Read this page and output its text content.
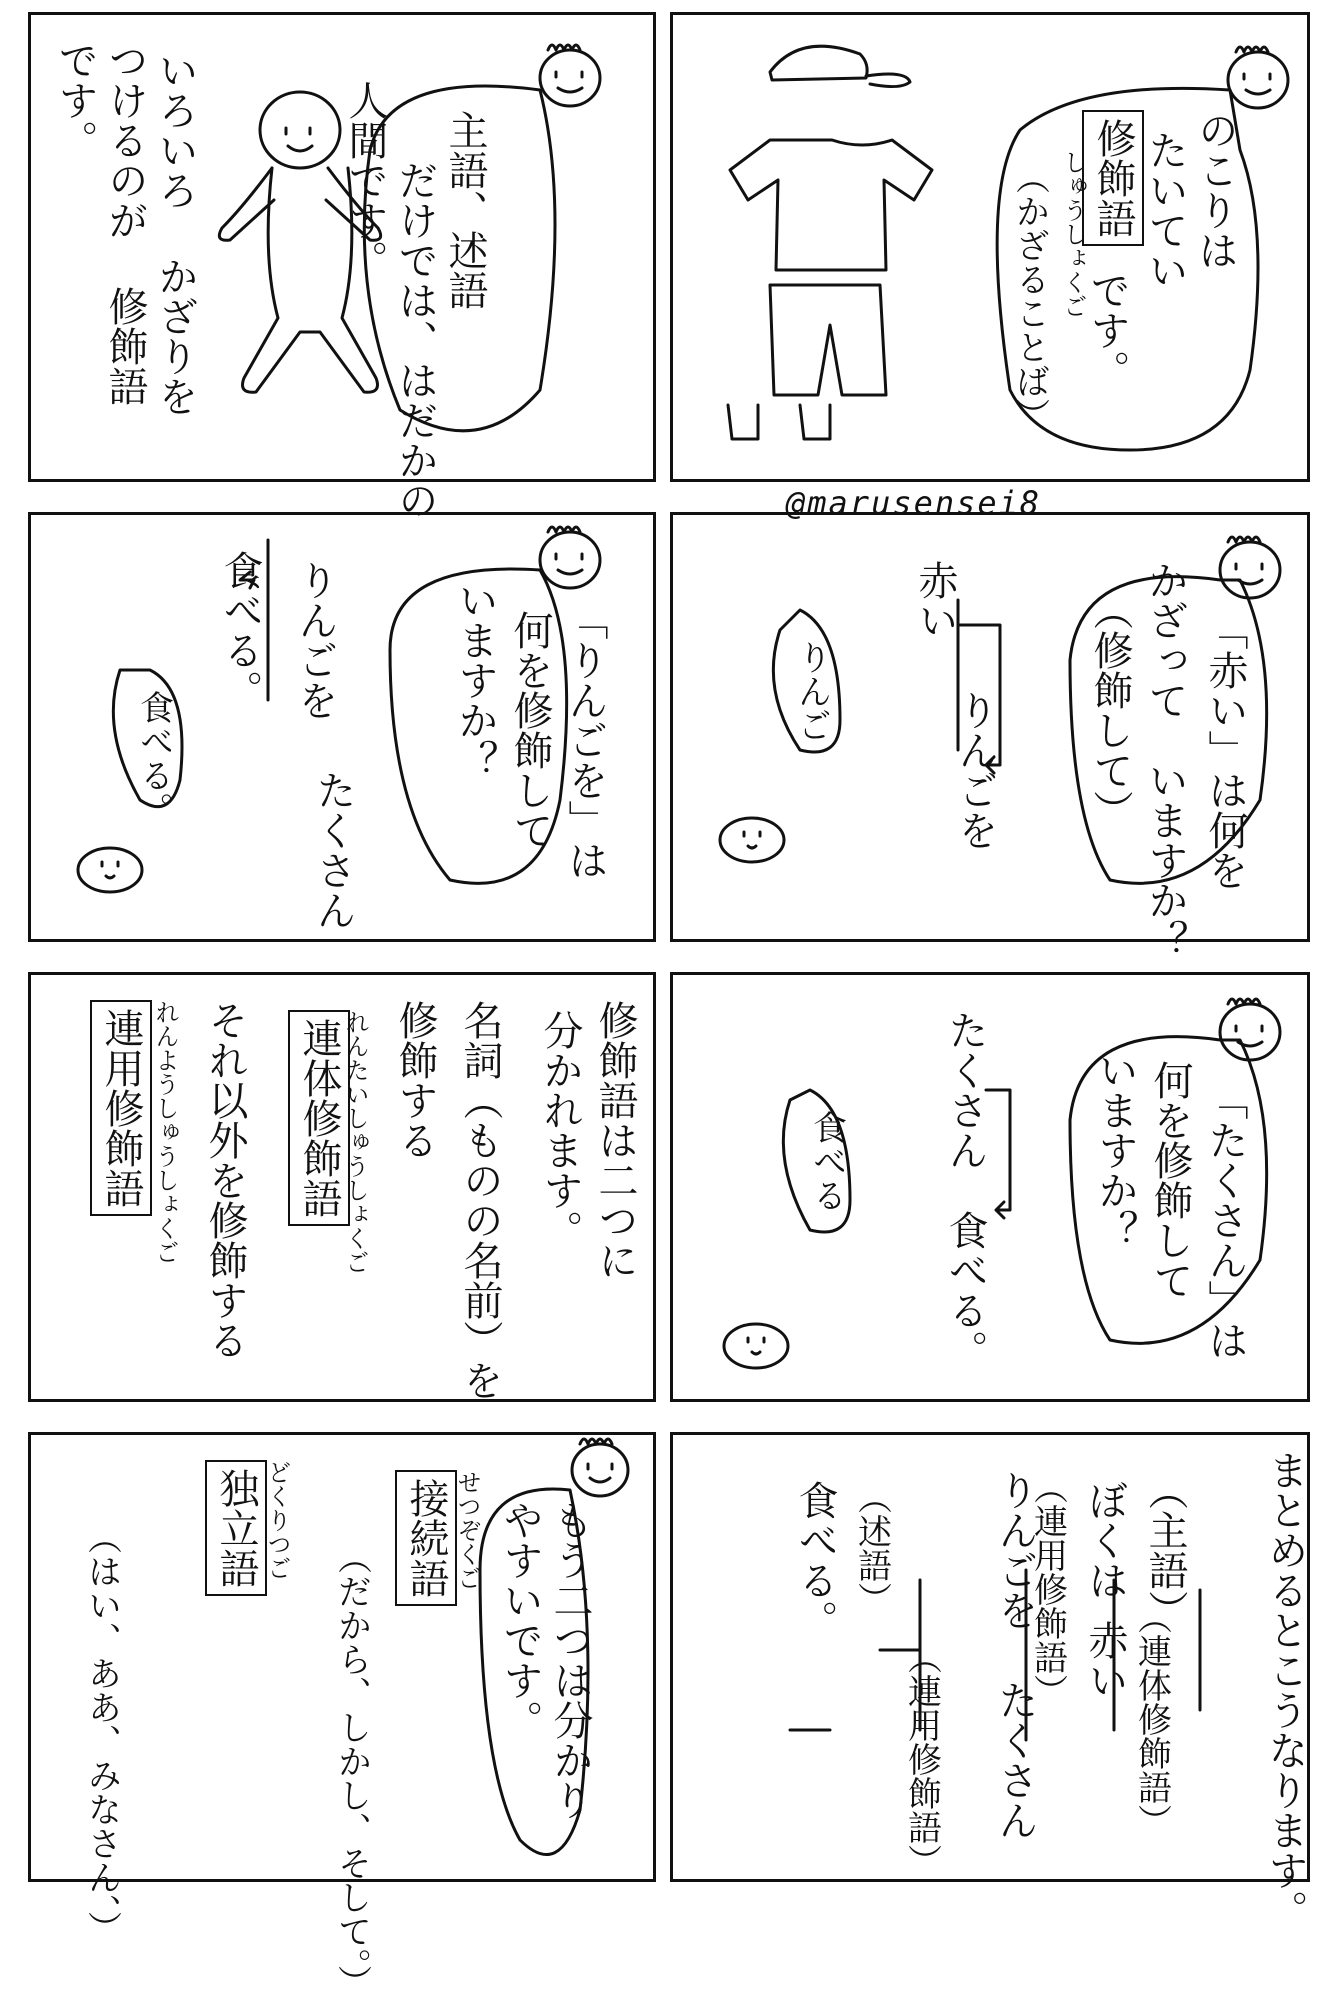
@marusensei8
主語、述語
だけでは、はだかの
人間です。
いろいろ かざりを
つけるのが 修飾語
です。
のこりは
たいてい
修飾語
です。
しゅうしょくご
（かざることば）
「りんごを」は
何を修飾して
いますか？
りんごを
たくさん
食べる。
食べる。	「赤い」は何を
かざって　いますか？
（修飾して）
赤い
りんごを
りんご
修飾語は二つに
分かれます。
名詞（ものの名前）を
修飾する
れんたいしゅうしょくご
連体修飾語
それ以外を修飾する
れんようしゅうしょくご
連用修飾語	「たくさん」は
何を修飾して
いますか？
たくさん
食べる。
食べる
もう二つは分かり
やすいです。
せつぞくご
接続語
（だから、しかし、そして。）
どくりつご
独立語
（はい、ああ、みなさん、）	まとめるとこうなります。
（主語）
ぼくは
赤い （連体修飾語）
りんごを
（連用修飾語）
たくさん
（連用修飾語）
（述語）
食べる。
